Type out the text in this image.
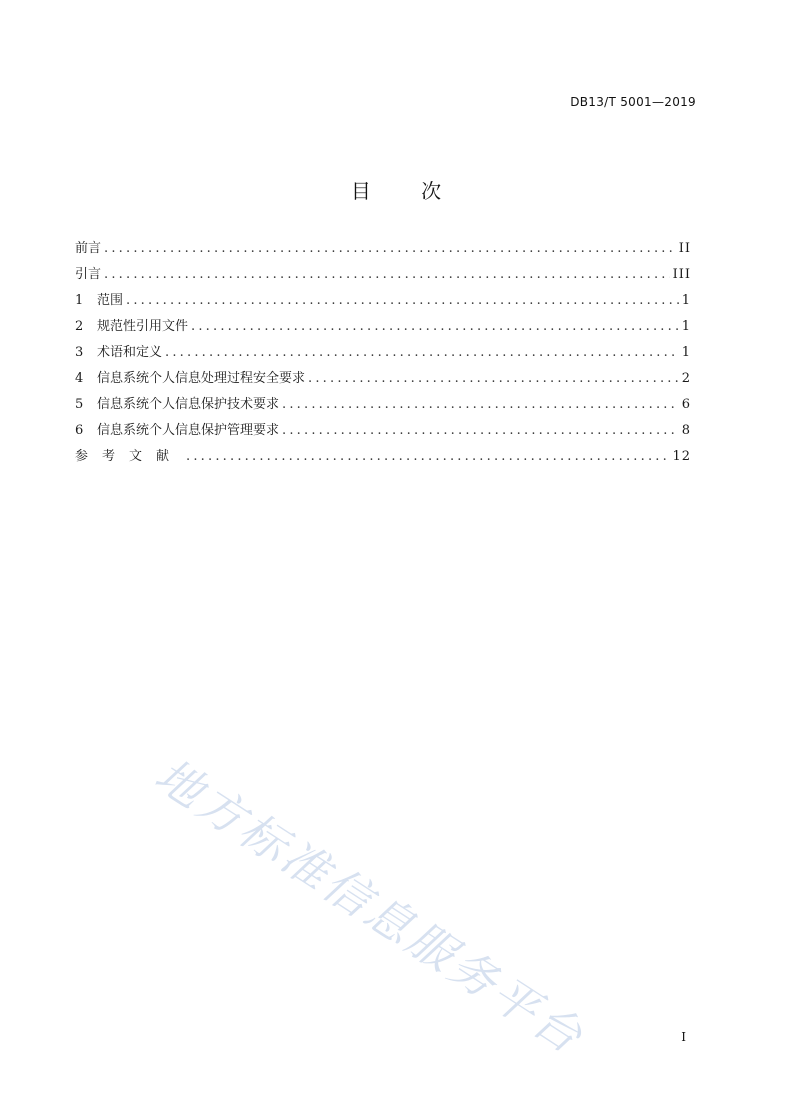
DB13/T 5001—2019
目 次
前言 .....	II
引言 .....	III
1	范围 .....	1
2	规范性引用文件 .....	1
3	术语和定义 .....	1
4	信息系统个人信息处理过程安全要求 .....	2
5	信息系统个人信息保护技术要求 .....	6
6	信息系统个人信息保护管理要求 .....	8
参考文献 .....	12
地方标准信息服务平台	I
